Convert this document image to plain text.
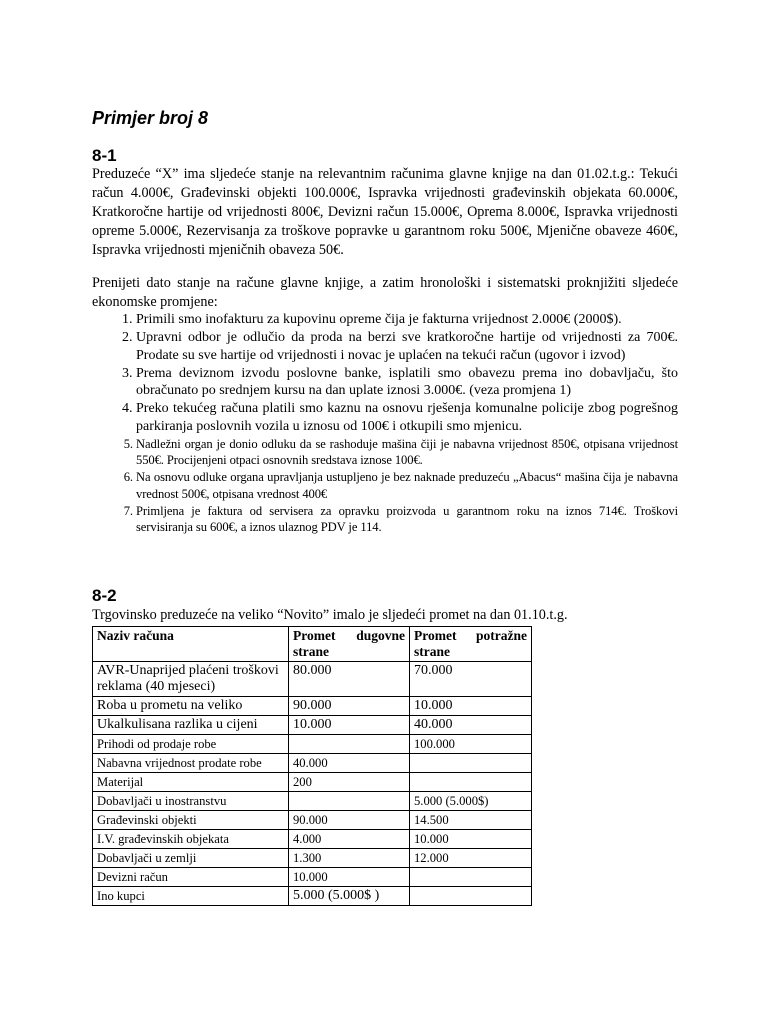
Primjer broj 8
8-1

Preduzeće “X” ima sljedeće stanje na relevantnim računima glavne knjige na dan 01.02.t.g.: Tekući račun 4.000€, Građevinski objekti 100.000€, Ispravka vrijednosti građevinskih objekata 60.000€, Kratkoročne hartije od vrijednosti 800€, Devizni račun 15.000€, Oprema 8.000€, Ispravka vrijednosti opreme 5.000€, Rezervisanja za troškove popravke u garantnom roku 500€, Mjenične obaveze 460€, Ispravka vrijednosti mjeničnih obaveza 50€.

Prenijeti dato stanje na račune glavne knjige, a zatim hronološki i sistematski proknjižiti sljedeće ekonomske promjene:

1. Primili smo inofakturu za kupovinu opreme čija je fakturna vrijednost 2.000€ (2000$).
2. Upravni odbor je odlučio da proda na berzi sve kratkoročne hartije od vrijednosti za 700€. Prodate su sve hartije od vrijednosti i novac je uplaćen na tekući račun (ugovor i izvod)
3. Prema deviznom izvodu poslovne banke, isplatili smo obavezu prema ino dobavljaču, što obračunato po srednjem kursu na dan uplate iznosi 3.000€. (veza promjena 1)
4. Preko tekućeg računa platili smo kaznu na osnovu rješenja komunalne policije zbog pogrešnog parkiranja poslovnih vozila u iznosu od 100€ i otkupili smo mjenicu.
5. Nadležni organ je donio odluku da se rashoduje mašina čiji je nabavna vrijednost 850€, otpisana vrijednost 550€. Procijenjeni otpaci osnovnih sredstava iznose 100€.
6. Na osnovu odluke organa upravljanja ustupljeno je bez naknade preduzeću „Abacus“ mašina čija je nabavna vrednost 500€, otpisana vrednost 400€
7. Primljena je faktura od servisera za opravku proizvoda u garantnom roku na iznos 714€. Troškovi servisiranja su 600€, a iznos ulaznog PDV je 114.
8-2

Trgovinsko preduzeće na veliko “Novito” imalo je sljedeći promet na dan 01.10.t.g.

Naziv računa	Promet dugovne strane	Promet potražne strane
AVR-Unaprijed plaćeni troškovi reklama (40 mjeseci)	80.000	70.000
Roba u prometu na veliko	90.000	10.000
Ukalkulisana razlika u cijeni	10.000	40.000
Prihodi od prodaje robe		100.000
Nabavna vrijednost prodate robe	40.000	
Materijal	200	
Dobavljači u inostranstvu		5.000 (5.000$)
Građevinski objekti	90.000	14.500
I.V. građevinskih objekata	4.000	10.000
Dobavljači u zemlji	1.300	12.000
Devizni račun	10.000	
Ino kupci	5.000 (5.000$ )	
